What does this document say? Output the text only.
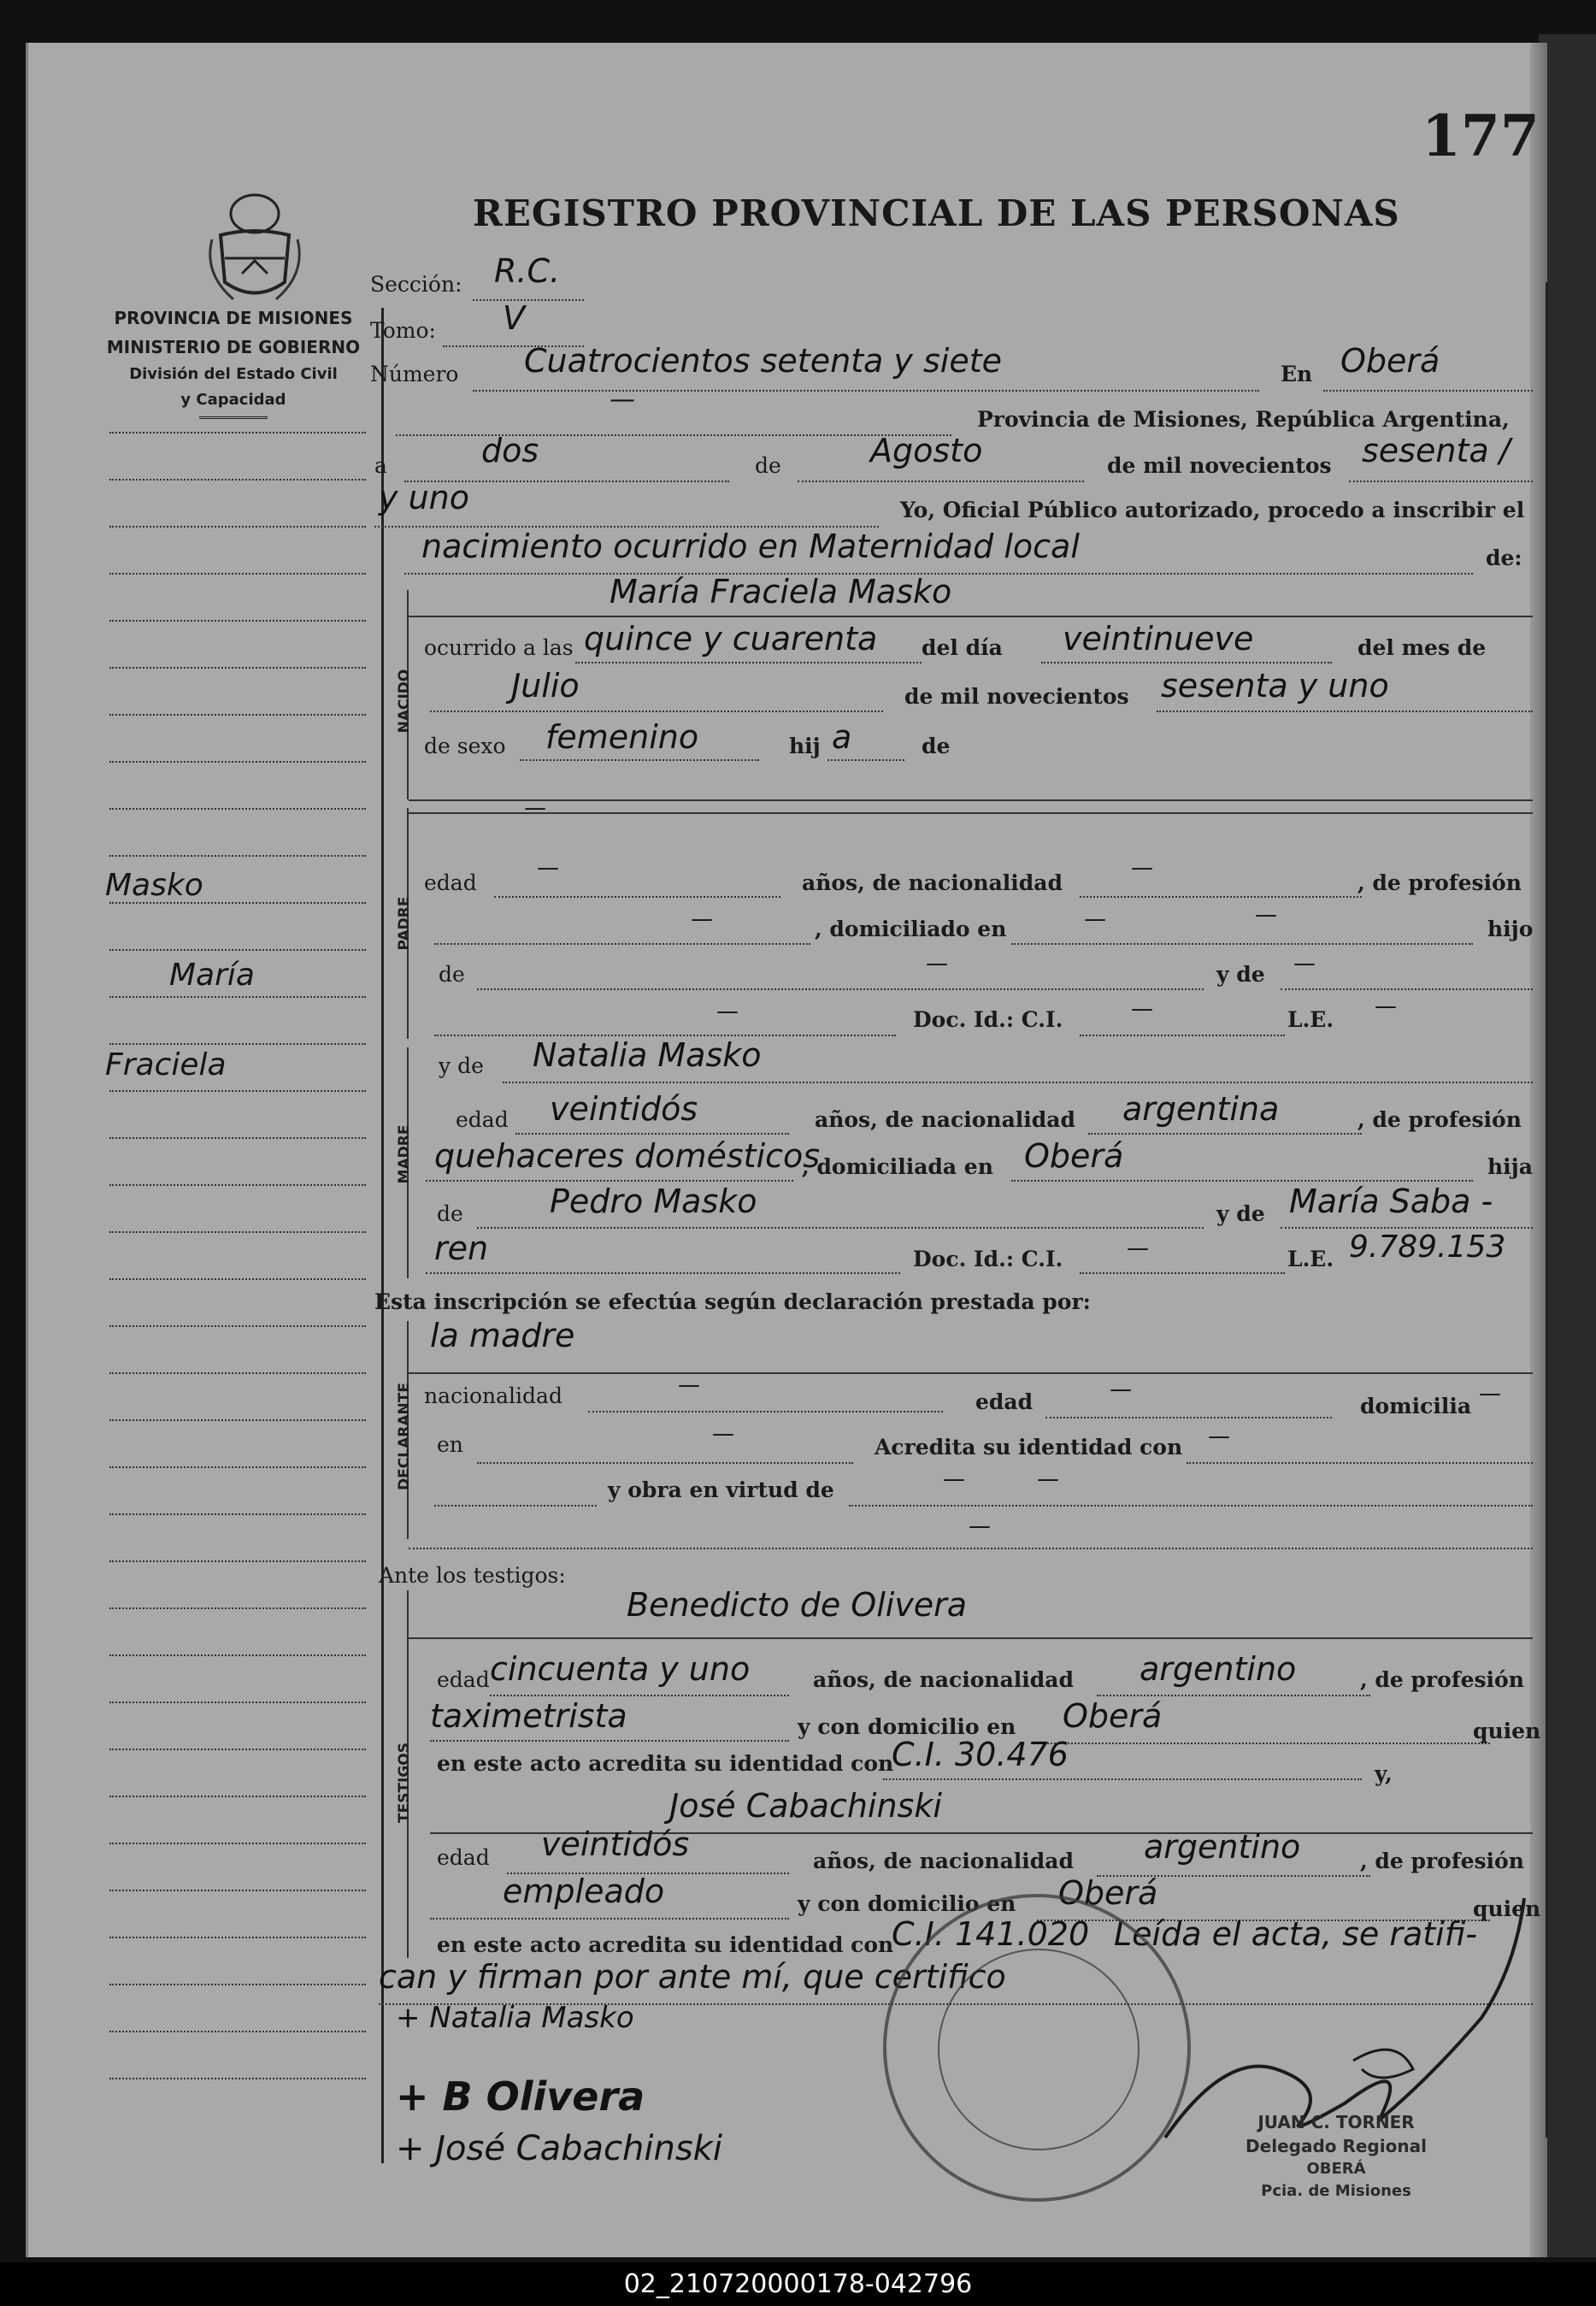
177
REGISTRO PROVINCIAL DE LAS PERSONAS
PROVINCIA DE MISIONES
MINISTERIO DE GOBIERNO
División del Estado Civil
y Capacidad
Masko
María
Fraciela
Sección: R.C.
Tomo: V
Número Cuatrocientos setenta y siete	En Oberá
—
Provincia de Misiones, República Argentina,
a	dos	de	Agosto	de mil novecientos sesenta /
y uno	Yo, Oficial Público autorizado, procedo a inscribir el
nacimiento ocurrido en Maternidad local	de:
NACIDO
María Fraciela Masko
ocurrido a las quince y cuarenta del día veintinueve	del mes de
Julio	de mil novecientos sesenta y uno
de sexo femenino	hij a	de
—
PADRE
edad
—
años, de nacionalidad
—
, de profesión
—	, domiciliado en	—	—
hijo
de	—	y de —
—	Doc. Id.: C.I.	—	L.E.
—
MADRE
y de Natalia Masko
edad veintidós	años, de nacionalidad argentina	, de profesión
quehaceres domésticos
, domiciliada en Oberá	hija
de	Pedro Masko	y de María Saba -
ren	Doc. Id.: C.I.	—	L.E. 9.789.153
Esta inscripción se efectúa según declaración prestada por:
DECLARANTE
la madre
nacionalidad	—
edad	—
domicilia —
en	—
Acredita su identidad con —
y obra en virtud de	—	—
—
Ante los testigos:
TESTIGOS
Benedicto de Olivera
edad cincuenta y uno	años, de nacionalidad argentino	, de profesión
taximetrista	y con domicilio en Oberá	quien
en este acto acredita su identidad con
C.I. 30.476
y,
José Cabachinski
edad veintidós	años, de nacionalidad argentino	, de profesión
empleado	y con domicilio en Oberá	quien
en este acto acredita su identidad con
C.I. 141.020 Leída el acta, se ratifi-
can y firman por ante mí, que certifico
+ Natalia Masko
+ B Olivera
+ José Cabachinski
JUAN C. TORNER
Delegado Regional
OBERÁ
Pcia. de Misiones
02_210720000178-042796
